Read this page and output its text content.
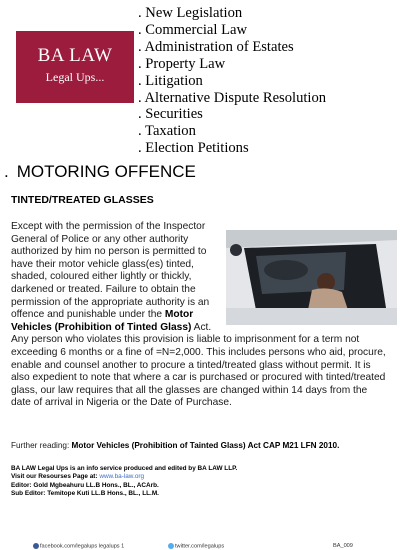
BA LAW
Legal Ups...
. New Legislation
. Commercial Law
. Administration of Estates
. Property Law
. Litigation
. Alternative Dispute Resolution
. Securities
. Taxation
. Election Petitions
. MOTORING OFFENCE
TINTED/TREATED GLASSES
Except with the permission of the Inspector General of Police or any other authority authorized by him no person is permitted to have their motor vehicle glass(es) tinted, shaded, coloured either lightly or thickly, darkened or treated. Failure to obtain the permission of the appropriate authority is an offence and punishable under the Motor Vehicles (Prohibition of Tinted Glass) Act. Any person who violates this provision is liable to imprisonment for a term not exceeding 6 months or a fine of =N=2,000. This includes persons who aid, procure, enable and counsel another to procure a tinted/treated glass without permit. It is also expedient to note that where a car is purchased or procured with tinted/treated glass, our law requires that all the glasses are changed within 14 days from the date of arrival in Nigeria or the Date of Purchase.
Further reading: Motor Vehicles (Prohibition of Tainted Glass) Act CAP M21 LFN 2010.
BA LAW Legal Ups is an info service produced and edited by BA LAW LLP.
Visit our Resourses Page at: www.ba-law.org
Editor: Gold Mgbeahuru LL.B Hons., BL., ACArb.
Sub Editor: Temitope Kuti LL.B Hons., BL., LL.M.
facebook.com/legalups legalups 1	twitter.com/legalups	BA_009
